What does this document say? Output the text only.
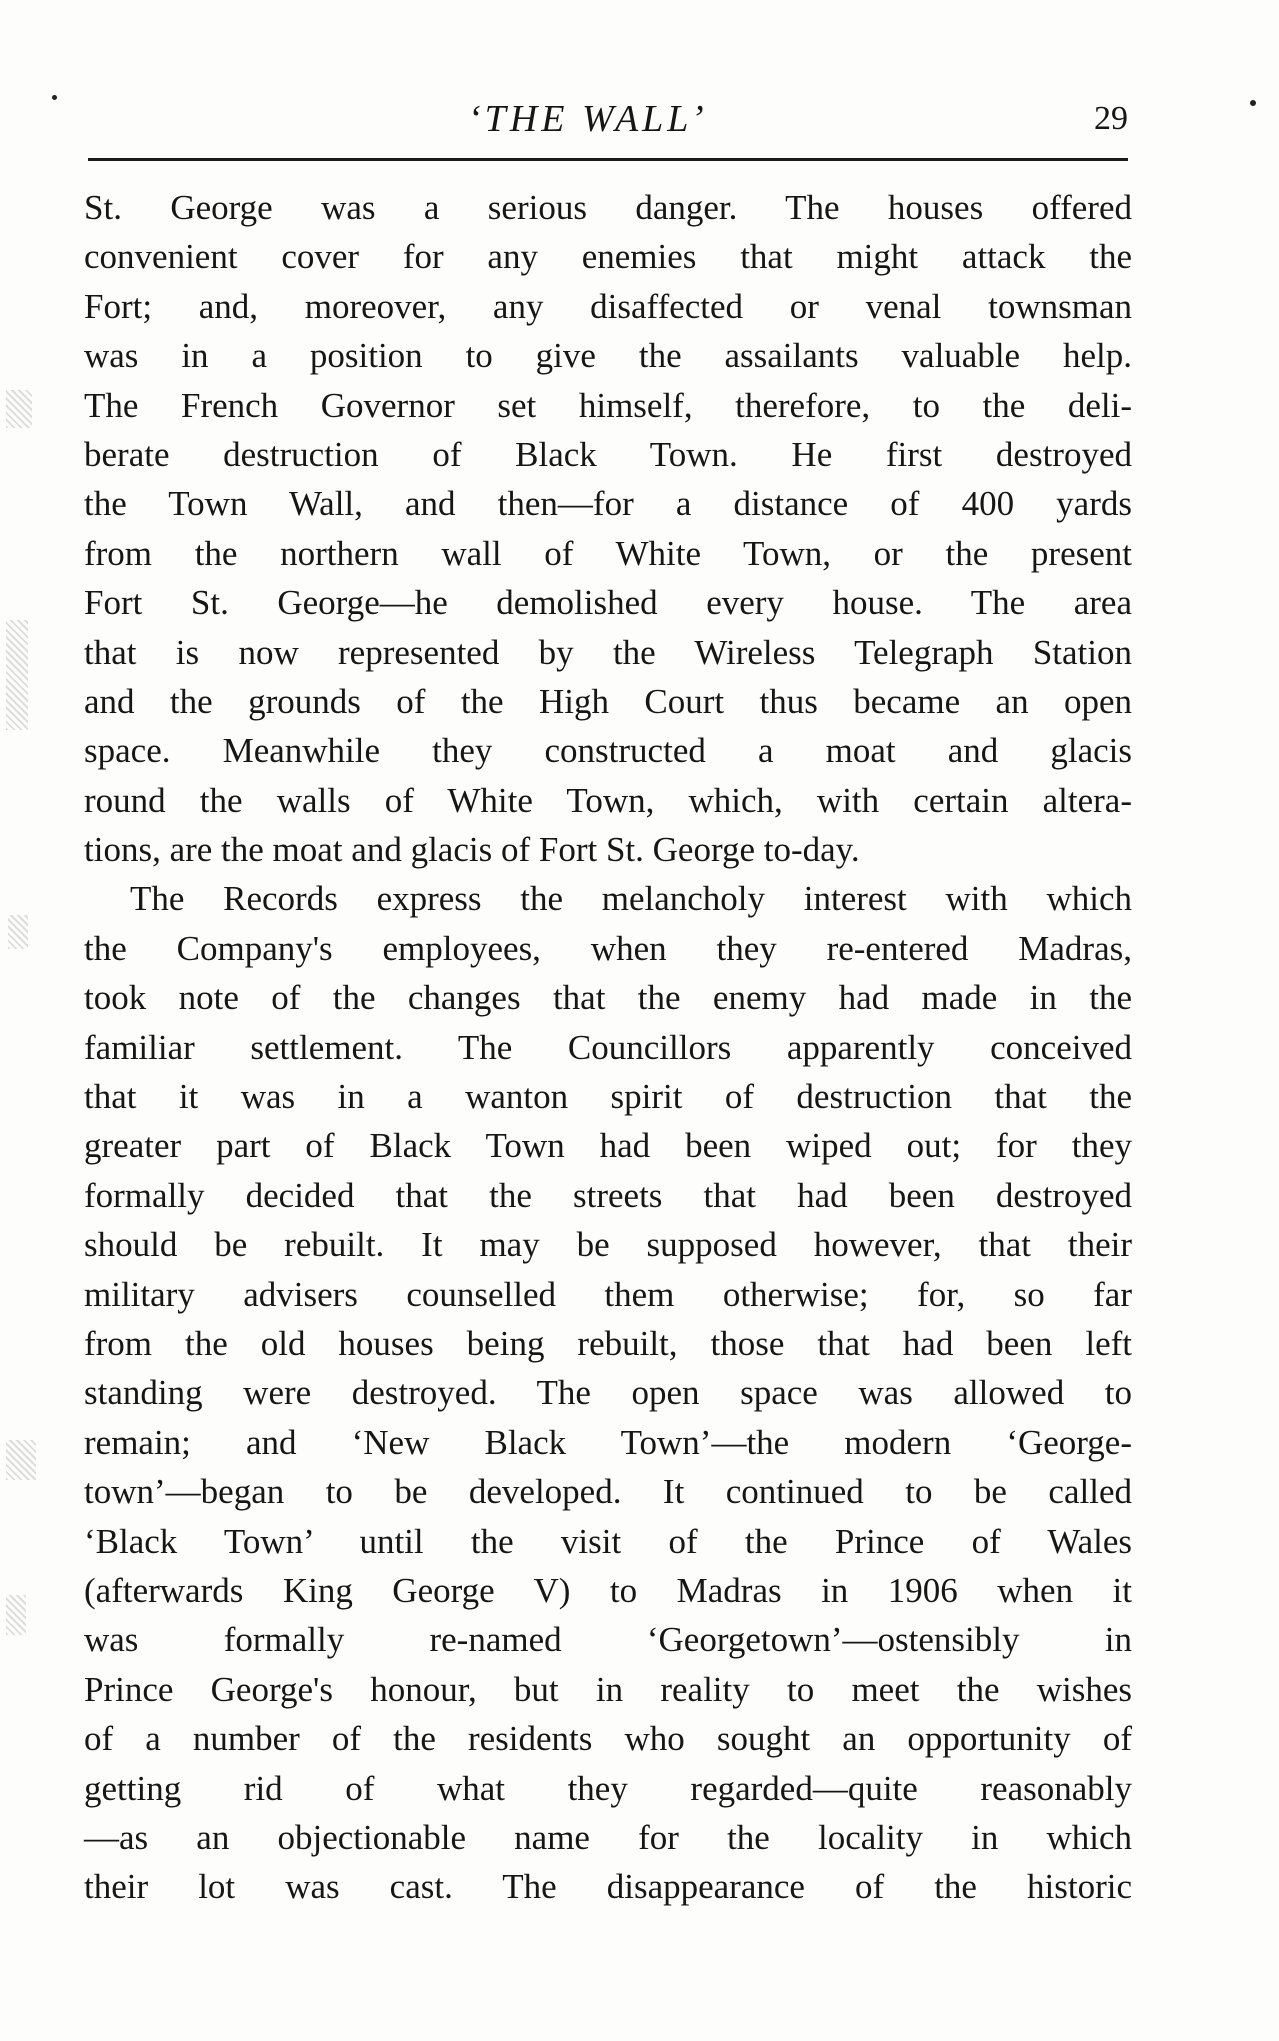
‘THE WALL’	29
St. George was a serious danger. The houses offered
convenient cover for any enemies that might attack the
Fort; and, moreover, any disaffected or venal townsman
was in a position to give the assailants valuable help.
The French Governor set himself, therefore, to the deli-
berate destruction of Black Town. He first destroyed
the Town Wall, and then—for a distance of 400 yards
from the northern wall of White Town, or the present
Fort St. George—he demolished every house. The area
that is now represented by the Wireless Telegraph Station
and the grounds of the High Court thus became an open
space. Meanwhile they constructed a moat and glacis
round the walls of White Town, which, with certain altera-
tions, are the moat and glacis of Fort St. George to-day.
The Records express the melancholy interest with which
the Company's employees, when they re-entered Madras,
took note of the changes that the enemy had made in the
familiar settlement. The Councillors apparently conceived
that it was in a wanton spirit of destruction that the
greater part of Black Town had been wiped out; for they
formally decided that the streets that had been destroyed
should be rebuilt. It may be supposed however, that their
military advisers counselled them otherwise; for, so far
from the old houses being rebuilt, those that had been left
standing were destroyed. The open space was allowed to
remain; and ‘New Black Town’—the modern ‘George-
town’—began to be developed. It continued to be called
‘Black Town’ until the visit of the Prince of Wales
(afterwards King George V) to Madras in 1906 when it
was formally re-named ‘Georgetown’—ostensibly in
Prince George's honour, but in reality to meet the wishes
of a number of the residents who sought an opportunity of
getting rid of what they regarded—quite reasonably
—as an objectionable name for the locality in which
their lot was cast. The disappearance of the historic
